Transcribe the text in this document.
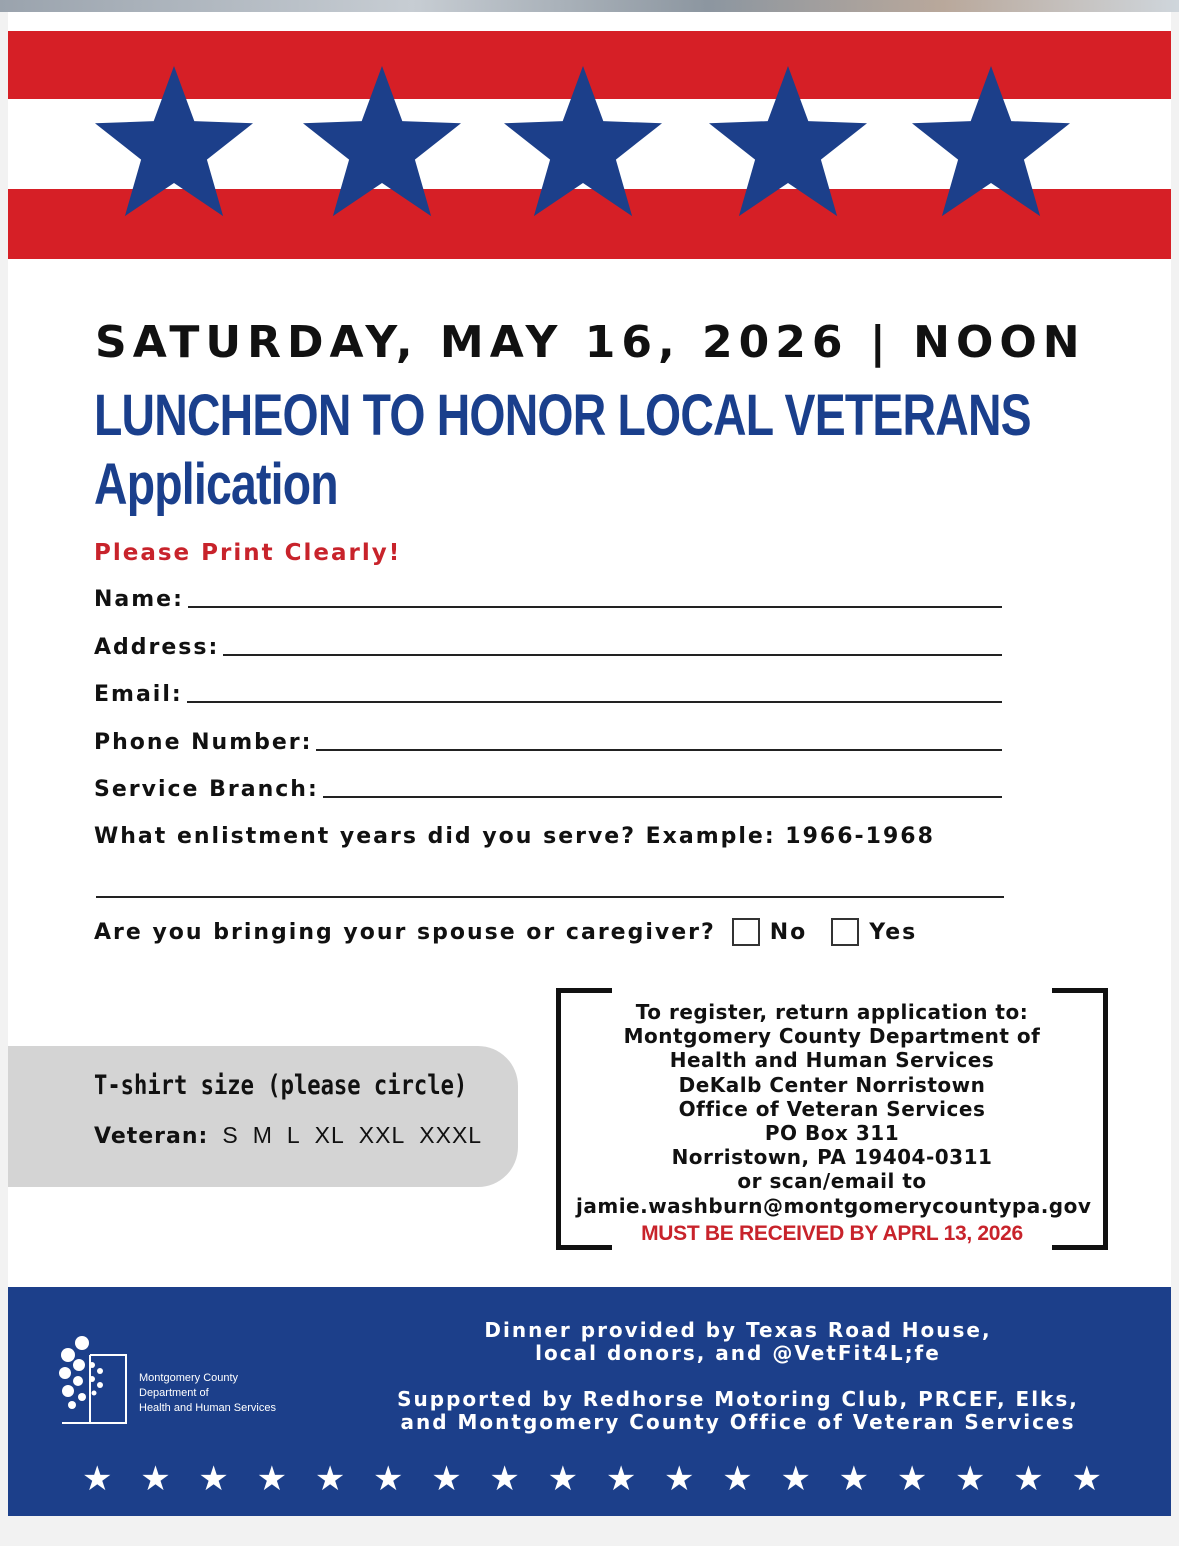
SATURDAY, MAY 16, 2026 | NOON
LUNCHEON TO HONOR LOCAL VETERANS
Application
Please Print Clearly!
Name:
Address:
Email:
Phone Number:
Service Branch:
What enlistment years did you serve? Example: 1966-1968
Are you bringing your spouse or caregiver? No	Yes
T-shirt size (please circle)
Veteran: S M L XL XXL XXXL
To register, return application to:
Montgomery County Department of
Health and Human Services
DeKalb Center Norristown
Office of Veteran Services
PO Box 311
Norristown, PA 19404-0311
or scan/email to
jamie.washburn@montgomerycountypa.gov
MUST BE RECEIVED BY APRL 13, 2026
Montgomery County
Department of
Health and Human Services
Dinner provided by Texas Road House,
local donors, and @VetFit4L;fe
Supported by Redhorse Motoring Club, PRCEF, Elks,
and Montgomery County Office of Veteran Services
★ ★ ★ ★ ★ ★ ★ ★ ★ ★ ★ ★ ★ ★ ★ ★ ★ ★
